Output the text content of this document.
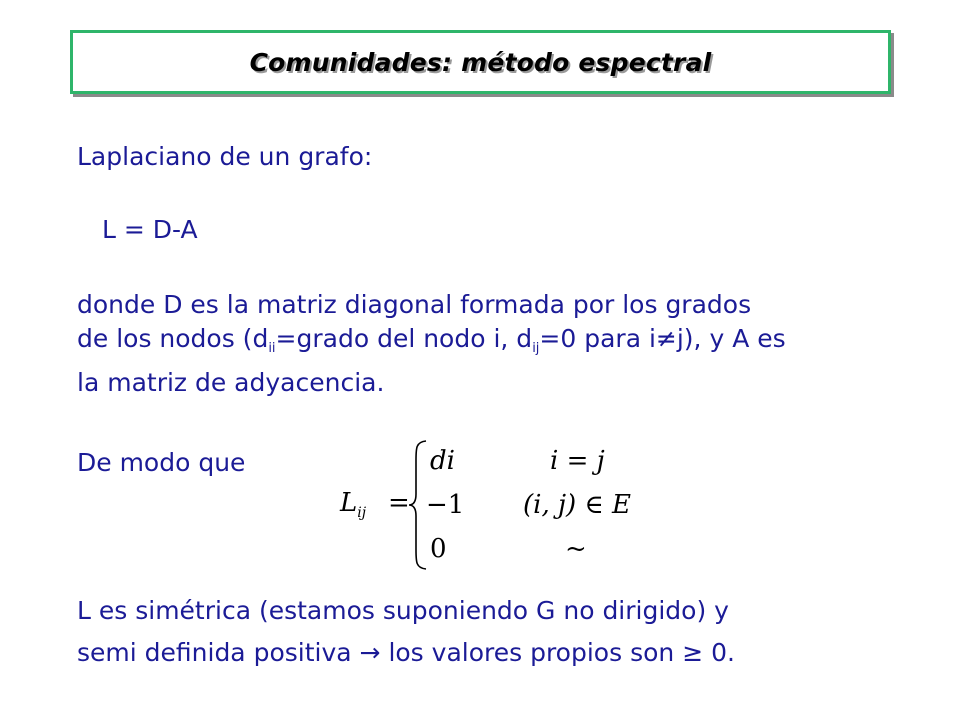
Comunidades: método espectral
Laplaciano de un grafo:
L = D-A
donde D es la matriz diagonal formada por los grados
de los nodos ($d_{ii}=grado$ del nodo i, $d_{ij}=0$ para i≠j), y A es
la matriz de adyacencia.
De modo que
$L_{ij}$ =
di	i = j
−1 (i, j) ∈ E
0	~
L es simétrica (estamos suponiendo G no dirigido) y
semi definida positiva → los valores propios son ≥ 0.
